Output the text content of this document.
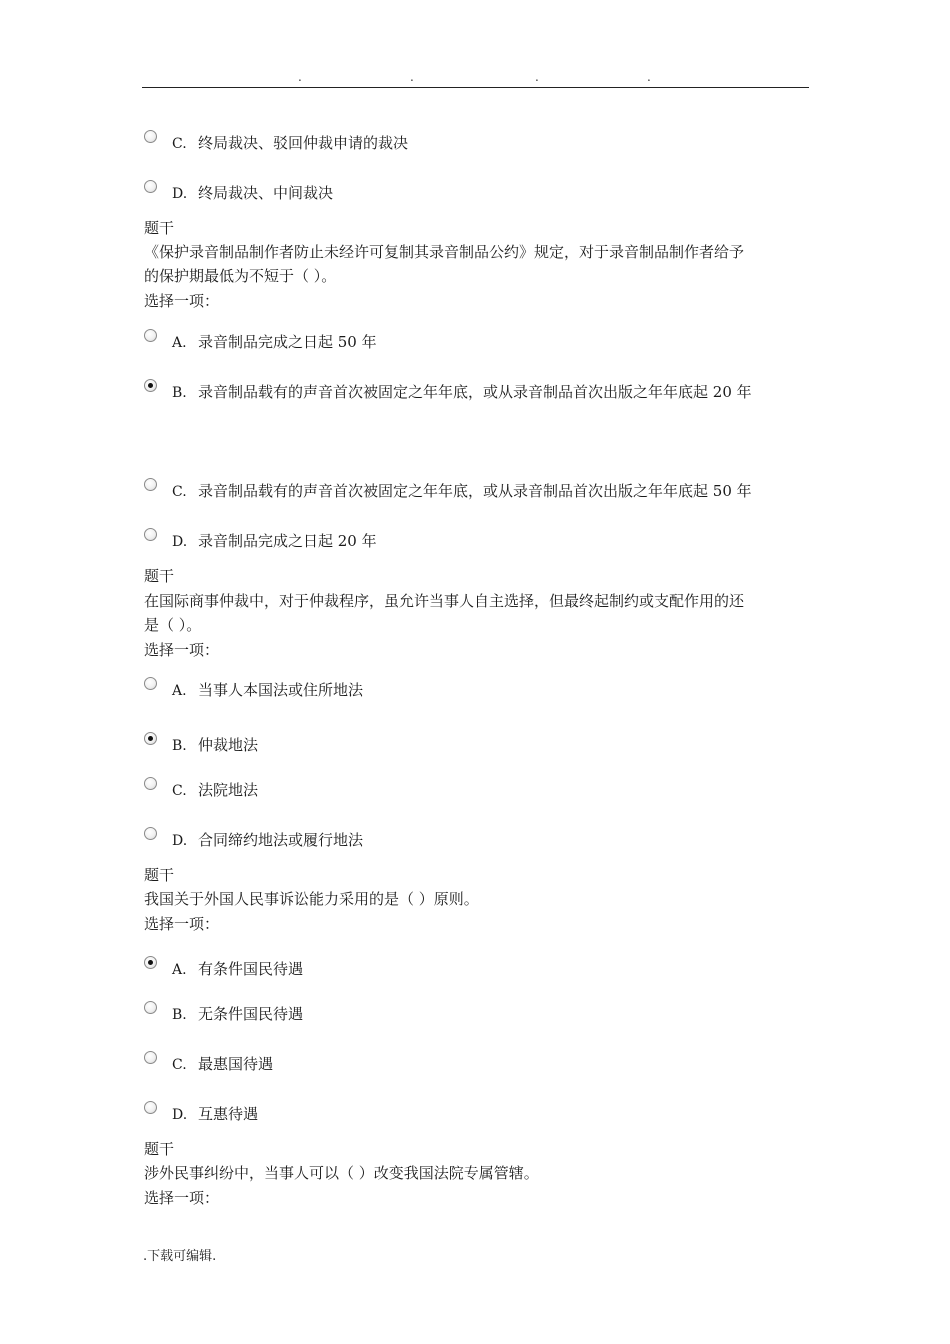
.	.	.	.
C. 终局裁决、驳回仲裁申请的裁决
D. 终局裁决、中间裁决
题干
《保护录音制品制作者防止未经许可复制其录音制品公约》规定，对于录音制品制作者给予
的保护期最低为不短于（ ）。
选择一项：
A. 录音制品完成之日起 50 年
B. 录音制品载有的声音首次被固定之年年底，或从录音制品首次出版之年年底起 20 年
C. 录音制品载有的声音首次被固定之年年底，或从录音制品首次出版之年年底起 50 年
D. 录音制品完成之日起 20 年
题干
在国际商事仲裁中，对于仲裁程序，虽允许当事人自主选择，但最终起制约或支配作用的还
是（ ）。
选择一项：
A. 当事人本国法或住所地法
B. 仲裁地法
C. 法院地法
D. 合同缔约地法或履行地法
题干
我国关于外国人民事诉讼能力采用的是（ ）原则。
选择一项：
A. 有条件国民待遇
B. 无条件国民待遇
C. 最惠国待遇
D. 互惠待遇
题干
涉外民事纠纷中，当事人可以（ ）改变我国法院专属管辖。
选择一项：
.下载可编辑.
